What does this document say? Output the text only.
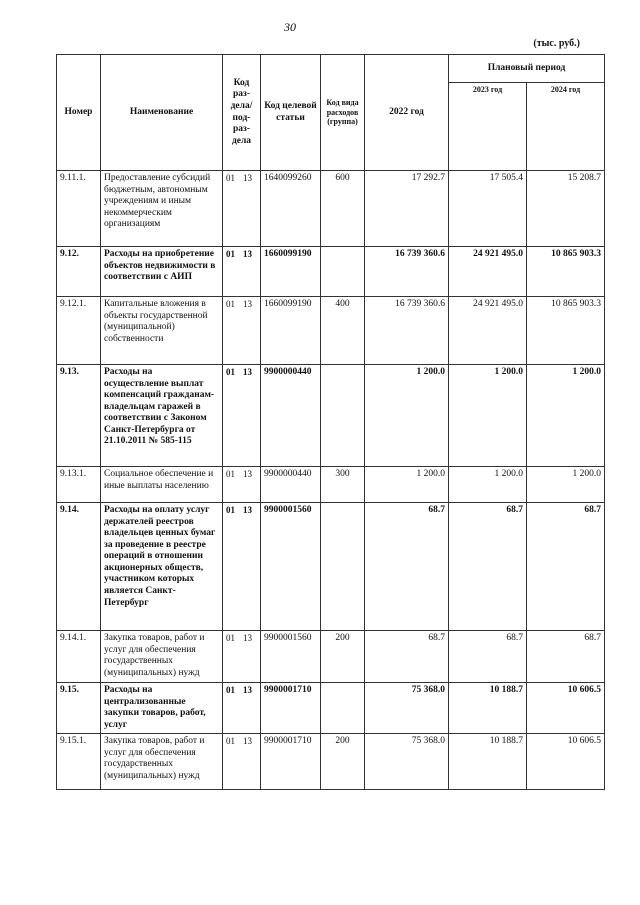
30
(тыс. руб.)
Номер	Наименование	Код раз-дела/ под-раз-дела	Код целевой статьи	Код вида расходов (группа)	2022 год	Плановый период	
						2023 год	2024 год
9.11.1.	Предоставление субсидий бюджетным, автономным учреждениям и иным некоммерческим организациям	01 13	1640099260	600	17 292.7	17 505.4	15 208.7
9.12.	Расходы на приобретение объектов недвижимости в соответствии с АИП	01 13	1660099190		16 739 360.6	24 921 495.0	10 865 903.3
9.12.1.	Капитальные вложения в объекты государственной (муниципальной) собственности	01 13	1660099190	400	16 739 360.6	24 921 495.0	10 865 903.3
9.13.	Расходы на осуществление выплат компенсаций гражданам-владельцам гаражей в соответствии с Законом Санкт-Петербурга от 21.10.2011 № 585-115	01 13	9900000440		1 200.0	1 200.0	1 200.0
9.13.1.	Социальное обеспечение и иные выплаты населению	01 13	9900000440	300	1 200.0	1 200.0	1 200.0
9.14.	Расходы на оплату услуг держателей реестров владельцев ценных бумаг за проведение в реестре операций в отношении акционерных обществ, участником которых является Санкт-Петербург	01 13	9900001560		68.7	68.7	68.7
9.14.1.	Закупка товаров, работ и услуг для обеспечения государственных (муниципальных) нужд	01 13	9900001560	200	68.7	68.7	68.7
9.15.	Расходы на централизованные закупки товаров, работ, услуг	01 13	9900001710		75 368.0	10 188.7	10 606.5
9.15.1.	Закупка товаров, работ и услуг для обеспечения государственных (муниципальных) нужд	01 13	9900001710	200	75 368.0	10 188.7	10 606.5
